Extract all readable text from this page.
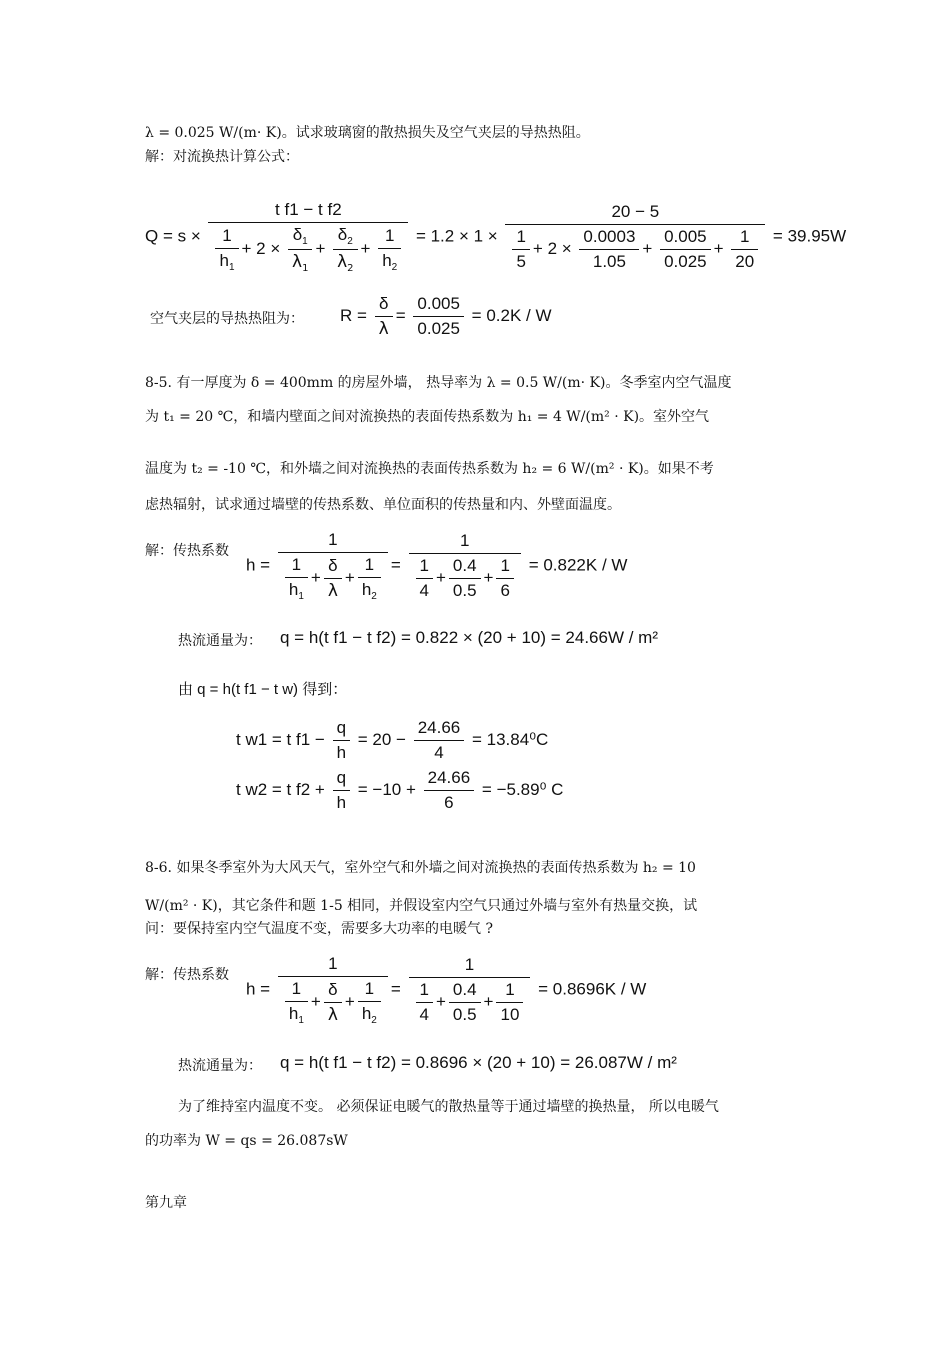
λ = 0.025 W/(m· K)。试求玻璃窗的散热损失及空气夹层的导热热阻。
解：对流换热计算公式：
$Q = s \times \frac{\text{t f1 − t f2}}{\frac{1}{h_1} + 2 \times \frac{\delta_1}{\lambda_1} + \frac{\delta_2}{\lambda_2} + \frac{1}{h_2}} = 1.2 \times 1 \times \frac{20 - 5}{\frac{1}{5} + 2 \times \frac{0.0003}{1.05} + \frac{0.005}{0.025} + \frac{1}{20}} = 39.95W$
空气夹层的导热热阻为： $R = \frac{\delta}{\lambda} = \frac{0.005}{0.025} = 0.2K / W$
8-5. 有一厚度为 δ = 400mm 的房屋外墙， 热导率为 λ = 0.5 W/(m· K)。冬季室内空气温度
为 t₁ = 20 ℃，和墙内壁面之间对流换热的表面传热系数为 h₁ = 4 W/(m² · K)。室外空气
温度为 t₂ = -10 ℃，和外墙之间对流换热的表面传热系数为 h₂ = 6 W/(m² · K)。如果不考
虑热辐射，试求通过墙壁的传热系数、单位面积的传热量和内、外壁面温度。
解：传热系数
$h = \frac{1}{\frac{1}{h_1} + \frac{\delta}{\lambda} + \frac{1}{h_2}} = \frac{1}{\frac{1}{4} + \frac{0.4}{0.5} + \frac{1}{6}} = 0.822K / W$
热流通量为： q = h(t f1 − t f2) = 0.822 × (20 + 10) = 24.66W / m²
由 q = h(t f1 − t w) 得到：
t w1 = t $f1 - \frac{q}{h} = 20 - \frac{24.66}{4} = 13.84^0C$
t w2 = t $f2 + \frac{q}{h} = -10 + \frac{24.66}{6} = -5.89^0$ C
8-6. 如果冬季室外为大风天气，室外空气和外墙之间对流换热的表面传热系数为 h₂ = 10
W/(m² · K)，其它条件和题 1-5 相同，并假设室内空气只通过外墙与室外有热量交换，试
问：要保持室内空气温度不变，需要多大功率的电暖气 ?
解：传热系数
$h = \frac{1}{\frac{1}{h_1} + \frac{\delta}{\lambda} + \frac{1}{h_2}} = \frac{1}{\frac{1}{4} + \frac{0.4}{0.5} + \frac{1}{10}} = 0.8696K / W$
热流通量为： q = h(t f1 − t f2) = 0.8696 × (20 + 10) = 26.087W / m²
为了维持室内温度不变。 必须保证电暖气的散热量等于通过墙壁的换热量， 所以电暖气
的功率为 W = qs = 26.087sW
第九章
